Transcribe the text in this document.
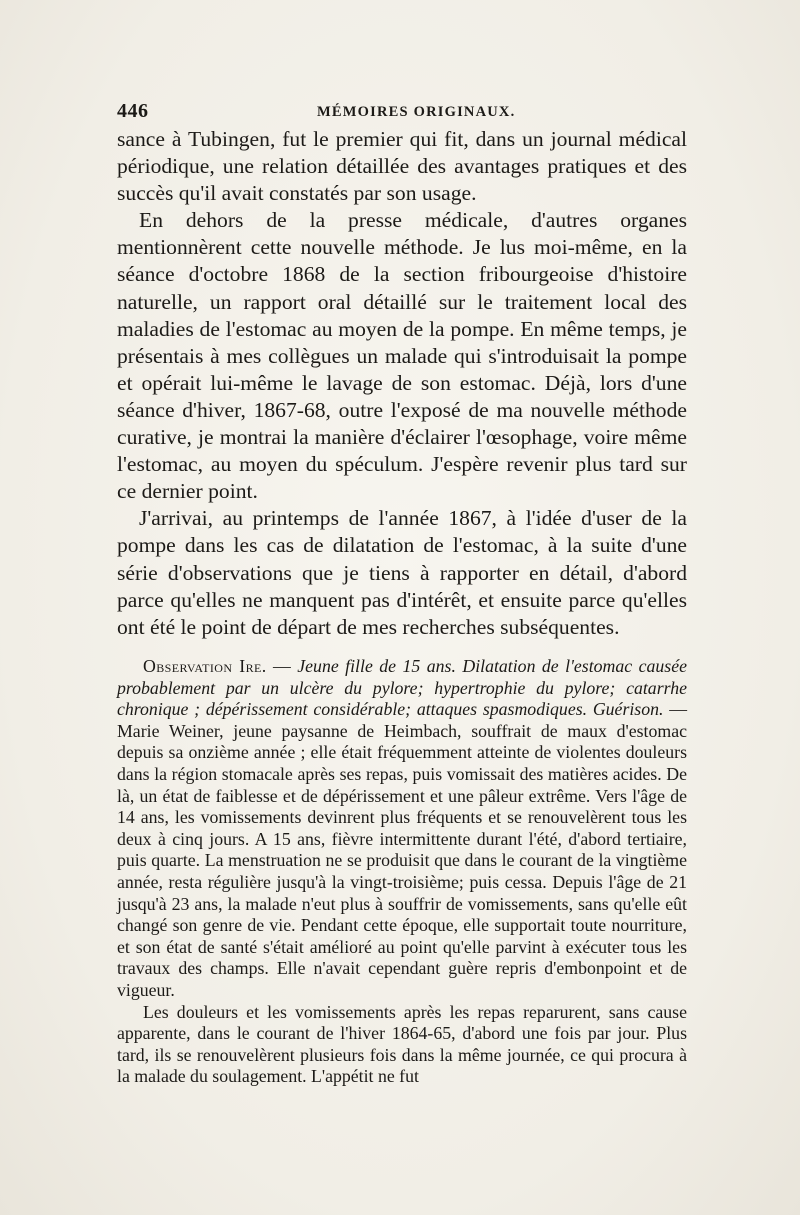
446	MÉMOIRES ORIGINAUX.

sance à Tubingen, fut le premier qui fit, dans un journal médical périodique, une relation détaillée des avantages pratiques et des succès qu'il avait constatés par son usage.

En dehors de la presse médicale, d'autres organes mentionnèrent cette nouvelle méthode. Je lus moi-même, en la séance d'octobre 1868 de la section fribourgeoise d'histoire naturelle, un rapport oral détaillé sur le traitement local des maladies de l'estomac au moyen de la pompe. En même temps, je présentais à mes collègues un malade qui s'introduisait la pompe et opérait lui-même le lavage de son estomac. Déjà, lors d'une séance d'hiver, 1867-68, outre l'exposé de ma nouvelle méthode curative, je montrai la manière d'éclairer l'œsophage, voire même l'estomac, au moyen du spéculum. J'espère revenir plus tard sur ce dernier point.

J'arrivai, au printemps de l'année 1867, à l'idée d'user de la pompe dans les cas de dilatation de l'estomac, à la suite d'une série d'observations que je tiens à rapporter en détail, d'abord parce qu'elles ne manquent pas d'intérêt, et ensuite parce qu'elles ont été le point de départ de mes recherches subséquentes.

Observation Ire. — Jeune fille de 15 ans. Dilatation de l'estomac causée probablement par un ulcère du pylore; hypertrophie du pylore; catarrhe chronique ; dépérissement considérable; attaques spasmodiques. Guérison. — Marie Weiner, jeune paysanne de Heimbach, souffrait de maux d'estomac depuis sa onzième année ; elle était fréquemment atteinte de violentes douleurs dans la région stomacale après ses repas, puis vomissait des matières acides. De là, un état de faiblesse et de dépérissement et une pâleur extrême. Vers l'âge de 14 ans, les vomissements devinrent plus fréquents et se renouvelèrent tous les deux à cinq jours. A 15 ans, fièvre intermittente durant l'été, d'abord tertiaire, puis quarte. La menstruation ne se produisit que dans le courant de la vingtième année, resta régulière jusqu'à la vingt-troisième; puis cessa. Depuis l'âge de 21 jusqu'à 23 ans, la malade n'eut plus à souffrir de vomissements, sans qu'elle eût changé son genre de vie. Pendant cette époque, elle supportait toute nourriture, et son état de santé s'était amélioré au point qu'elle parvint à exécuter tous les travaux des champs. Elle n'avait cependant guère repris d'embonpoint et de vigueur.

Les douleurs et les vomissements après les repas reparurent, sans cause apparente, dans le courant de l'hiver 1864-65, d'abord une fois par jour. Plus tard, ils se renouvelèrent plusieurs fois dans la même journée, ce qui procura à la malade du soulagement. L'appétit ne fut
